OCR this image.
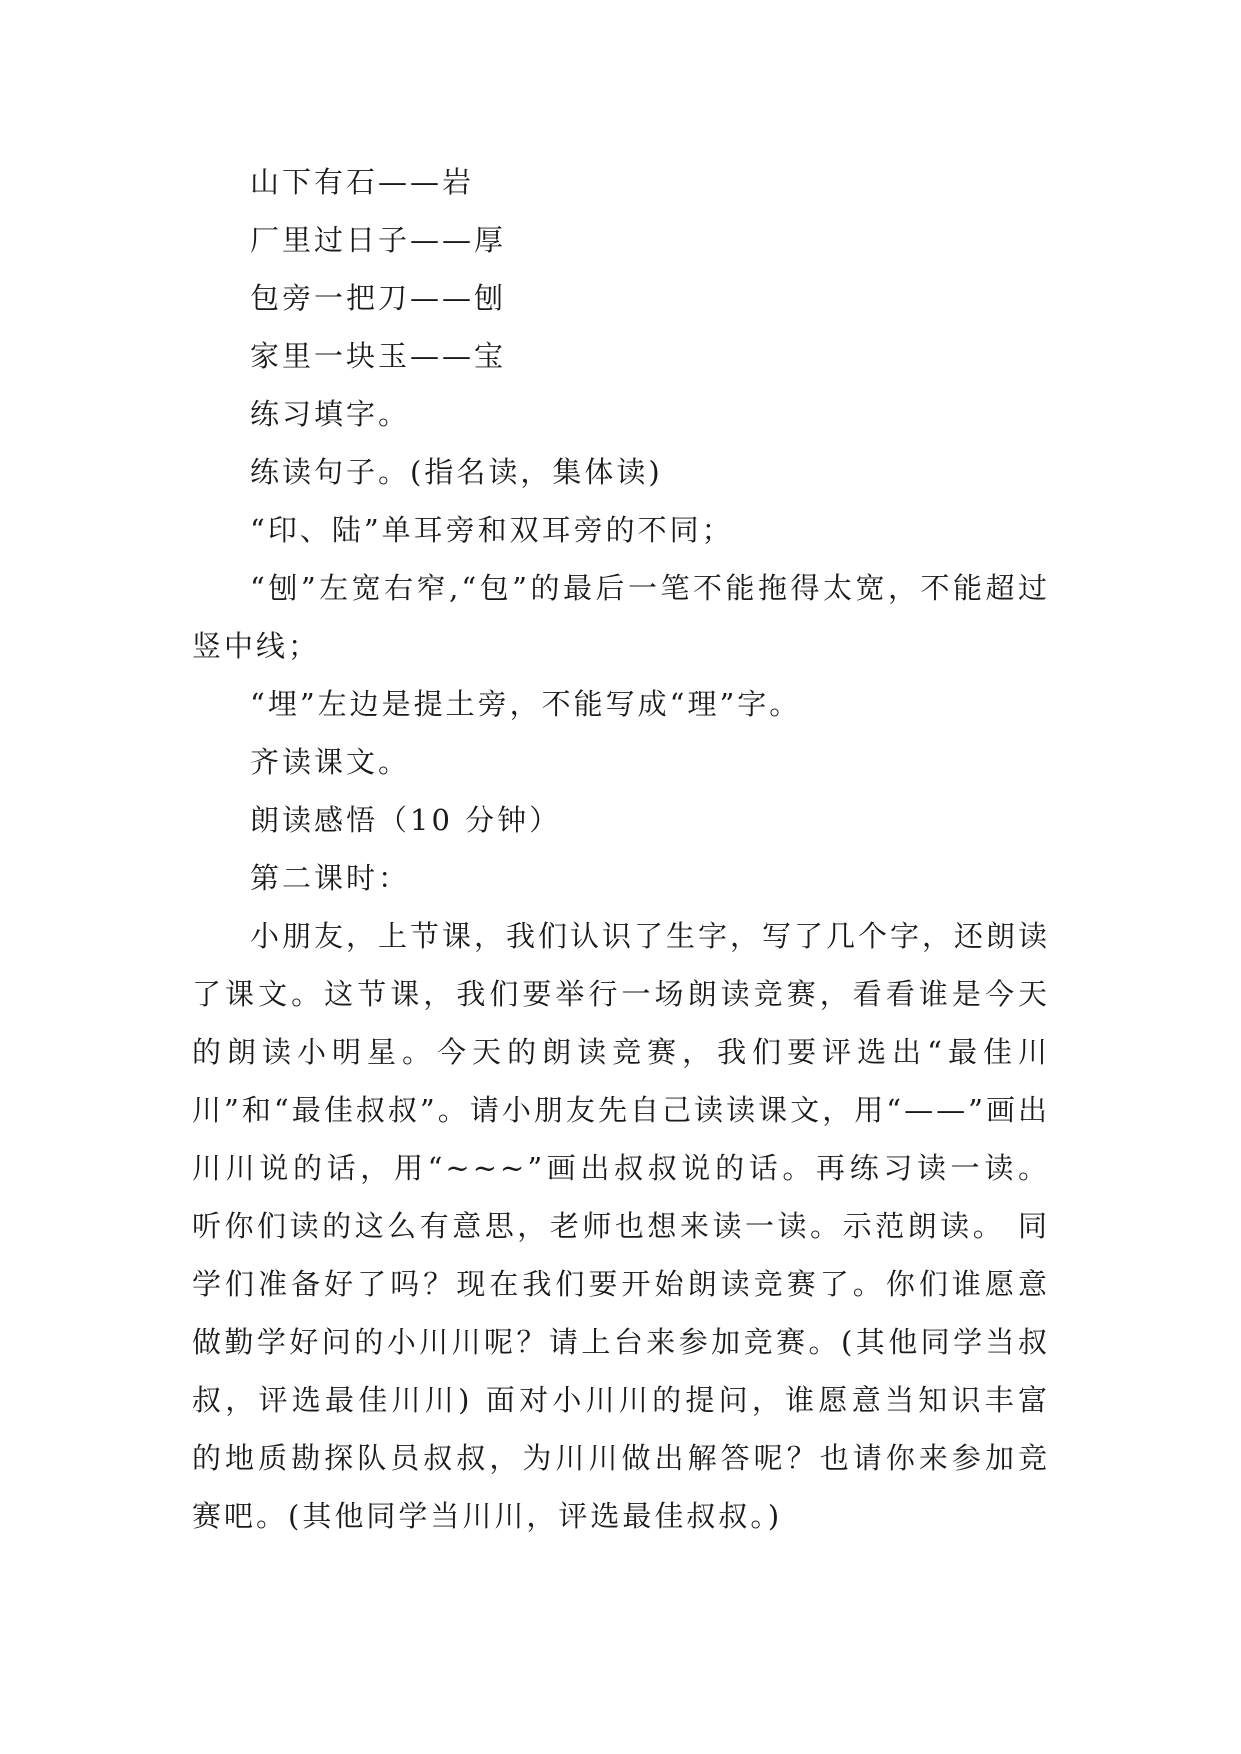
山下有石——岩

厂里过日子——厚

包旁一把刀——刨

家里一块玉——宝

练习填字。

练读句子。(指名读，集体读)

“印、陆”单耳旁和双耳旁的不同；

“刨”左宽右窄,“包”的最后一笔不能拖得太宽，不能超过竖中线；

“埋”左边是提土旁，不能写成“理”字。

齐读课文。

朗读感悟（10 分钟）

第二课时：

小朋友，上节课，我们认识了生字，写了几个字，还朗读了课文。这节课，我们要举行一场朗读竞赛，看看谁是今天的朗读小明星。今天的朗读竞赛，我们要评选出“最佳川川”和“最佳叔叔”。请小朋友先自己读读课文，用“——”画出川川说的话，用“~~~”画出叔叔说的话。再练习读一读。 听你们读的这么有意思，老师也想来读一读。示范朗读。 同学们准备好了吗？现在我们要开始朗读竞赛了。你们谁愿意做勤学好问的小川川呢？请上台来参加竞赛。(其他同学当叔叔，评选最佳川川) 面对小川川的提问，谁愿意当知识丰富的地质勘探队员叔叔，为川川做出解答呢？也请你来参加竞赛吧。(其他同学当川川，评选最佳叔叔。)
